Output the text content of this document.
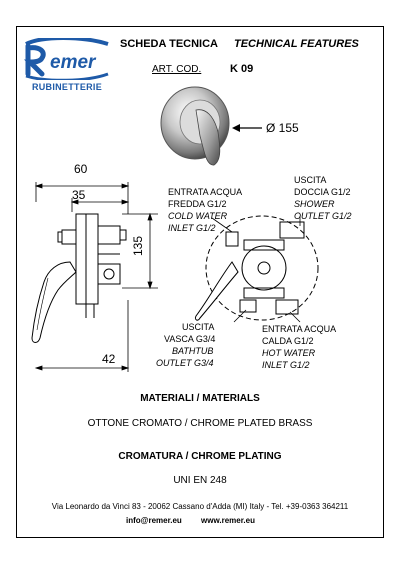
emer
RUBINETTERIE
SCHEDA TECNICA TECHNICAL FEATURES
ART. COD.	K 09
Ø 155
60
35
135
42
ENTRATA ACQUA
FREDDA G1/2
COLD WATER
INLET G1/2
USCITA
DOCCIA G1/2
SHOWER
OUTLET G1/2
USCITA
VASCA G3/4
BATHTUB
OUTLET G3/4
ENTRATA ACQUA
CALDA G1/2
HOT WATER
INLET G1/2
MATERIALI / MATERIALS
OTTONE CROMATO / CHROME PLATED BRASS
CROMATURA / CHROME PLATING
UNI EN 248
Via Leonardo da Vinci 83 - 20062 Cassano d'Adda (MI) Italy - Tel. +39-0363 364211
info@remer.eu www.remer.eu
